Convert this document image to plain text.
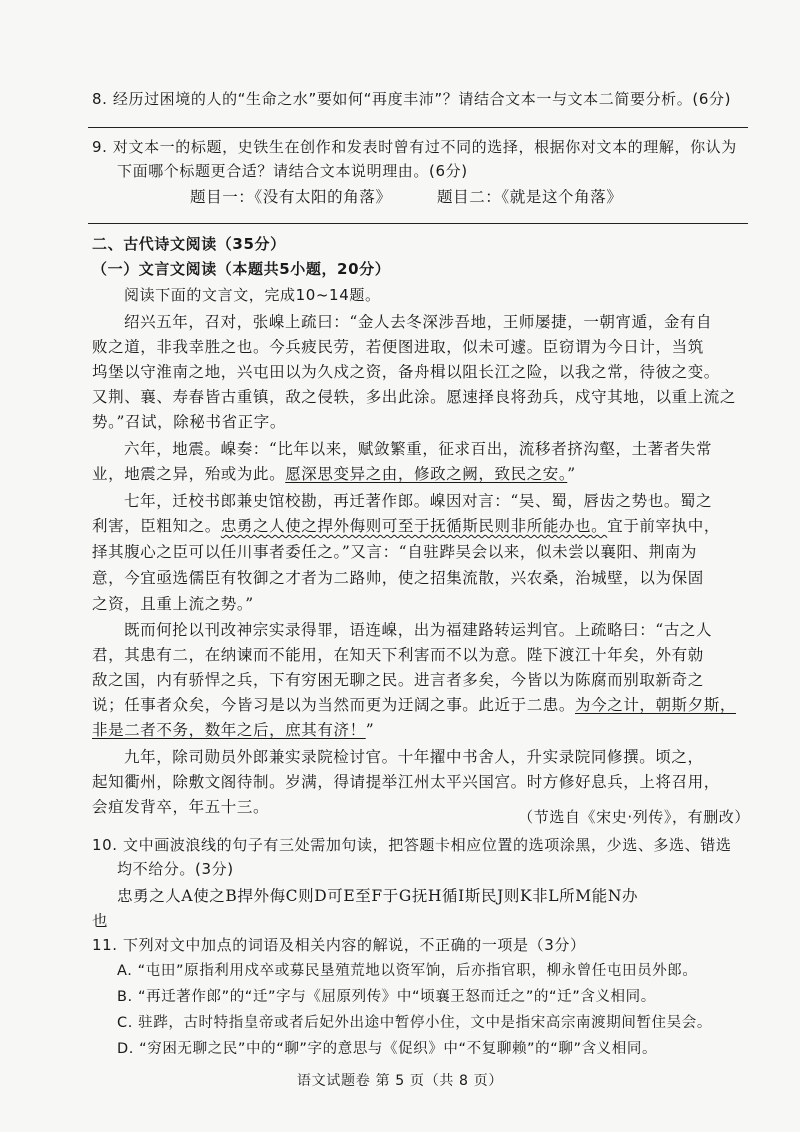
8. 经历过困境的人的“生命之水”要如何“再度丰沛”？请结合文本一与文本二简要分析。(6分)
9. 对文本一的标题，史铁生在创作和发表时曾有过不同的选择，根据你对文本的理解，你认为
下面哪个标题更合适？请结合文本说明理由。(6分)
题目一：《没有太阳的角落》	题目二：《就是这个角落》
二、古代诗文阅读（35分）
（一）文言文阅读（本题共5小题，20分）
阅读下面的文言文，完成10~14题。
绍兴五年，召对，张嵲上疏曰：“金人去冬深涉吾地，王师屡捷，一朝宵遁，金有自
败之道，非我幸胜之也。今兵疲民劳，若便图进取，似未可遽。臣窃谓为今日计，当筑
坞堡以守淮南之地，兴屯田以为久戍之资，备舟楫以阻长江之险，以我之常，待彼之变。
又荆、襄、寿春皆古重镇，敌之侵轶，多出此涂。愿速择良将劲兵，戍守其地，以重上流之
势。”召试，除秘书省正字。
六年，地震。嵲奏：“比年以来，赋敛繁重，征求百出，流移者挤沟壑，土著者失常
业，地震之异，殆或为此。愿深思变异之由，修政之阙，致民之安。”
七年，迁校书郎兼史馆校勘，再迁著作郎。嵲因对言：“吴、蜀，唇齿之势也。蜀之
利害，臣粗知之。忠勇之人使之捍外侮则可至于抚循斯民则非所能办也。宜于前宰执中，
择其腹心之臣可以任川事者委任之。”又言：“自驻跸吴会以来，似未尝以襄阳、荆南为
意，今宜亟选儒臣有牧御之才者为二路帅，使之招集流散，兴农桑，治城壁，以为保固
之资，且重上流之势。”
既而何抡以刊改神宗实录得罪，语连嵲，出为福建路转运判官。上疏略曰：“古之人
君，其患有二，在纳谏而不能用，在知天下利害而不以为意。陛下渡江十年矣，外有勍
敌之国，内有骄悍之兵，下有穷困无聊之民。进言者多矣，今皆以为陈腐而别取新奇之
说；任事者众矣，今皆习是以为当然而更为迂阔之事。此近于二患。为今之计，朝斯夕斯，
非是二者不务，数年之后，庶其有济！”
九年，除司勋员外郎兼实录院检讨官。十年擢中书舍人，升实录院同修撰。顷之，
起知衢州，除敷文阁待制。岁满，得请提举江州太平兴国宫。时方修好息兵，上将召用，
会疽发背卒，年五十三。
（节选自《宋史·列传》，有删改）
10. 文中画波浪线的句子有三处需加句读，把答题卡相应位置的选项涂黑，少选、多选、错选
均不给分。(3分)
忠勇之人A使之B捍外侮C则D可E至F于G抚H循I斯民J则K非L所M能N办
也
11. 下列对文中加点的词语及相关内容的解说，不正确的一项是（3分）
A. “屯田”原指利用戍卒或募民垦殖荒地以资军饷，后亦指官职，柳永曾任屯田员外郎。
B. “再迁著作郎”的“迁”字与《屈原列传》中“顷襄王怒而迁之”的“迁”含义相同。
C. 驻跸，古时特指皇帝或者后妃外出途中暂停小住，文中是指宋高宗南渡期间暂住吴会。
D. “穷困无聊之民”中的“聊”字的意思与《促织》中“不复聊赖”的“聊”含义相同。
语文试题卷 第 5 页（共 8 页）
